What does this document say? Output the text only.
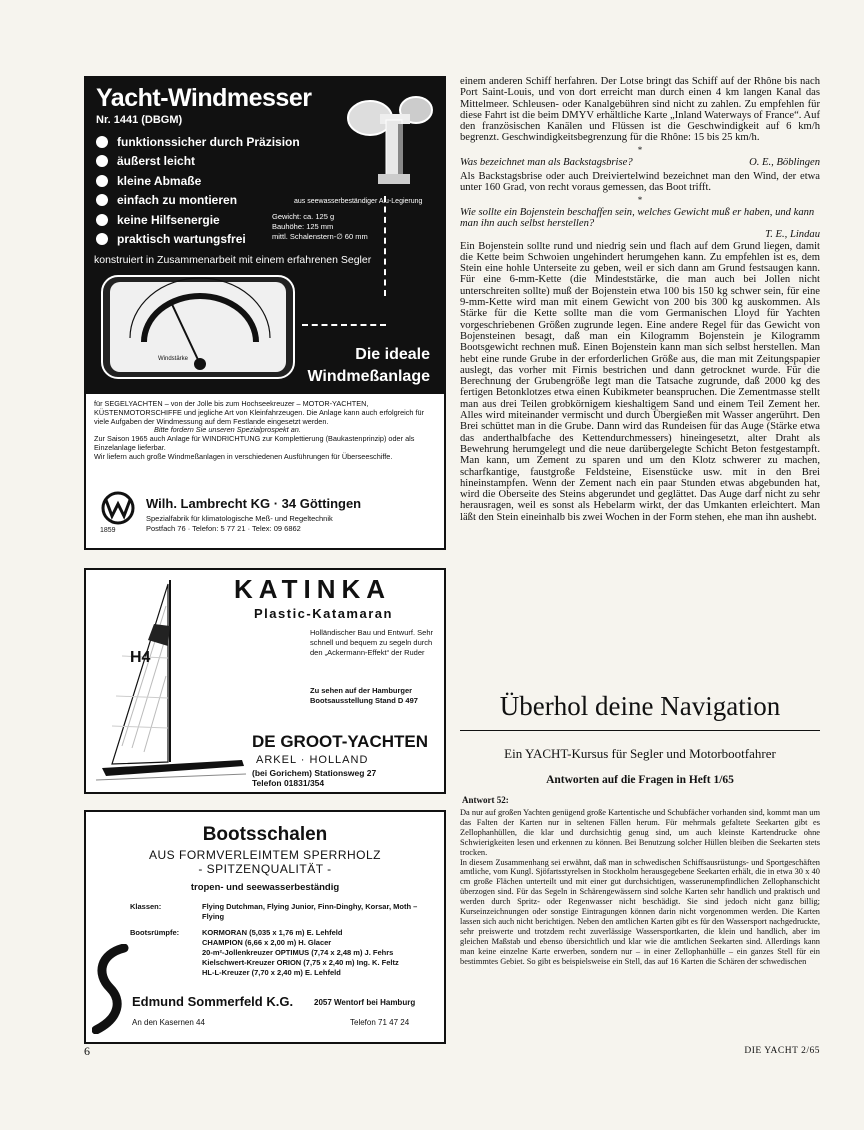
Yacht-Windmesser
Nr. 1441 (DBGM)
funktionssicher durch Präzision
äußerst leicht
kleine Abmaße
einfach zu montieren
keine Hilfsenergie
praktisch wartungsfrei
aus seewasserbeständiger Alu-Legierung
Gewicht: ca. 125 g
Bauhöhe: 125 mm
mittl. Schalenstern-∅ 60 mm
konstruiert in Zusammenarbeit mit einem erfahrenen Segler
Windstärke	Die ideale
Windmeßanlage

für SEGELYACHTEN – von der Jolle bis zum Hochseekreuzer – MOTOR-YACHTEN, KÜSTENMOTORSCHIFFE und jegliche Art von Kleinfahrzeugen. Die Anlage kann auch erfolgreich für viele Aufgaben der Windmessung auf dem Festlande eingesetzt werden.

Bitte fordern Sie unseren Spezialprospekt an.

Zur Saison 1965 auch Anlage für WINDRICHTUNG zur Komplettierung (Baukastenprinzip) oder als Einzelanlage lieferbar.

Wir liefern auch große Windmeßanlagen in verschiedenen Ausführungen für Überseeschiffe.

1859
Wilh. Lambrecht KG · 34 Göttingen
Spezialfabrik für klimatologische Meß- und Regeltechnik
Postfach 76 · Telefon: 5 77 21 · Telex: 09 6862
H4
KATINKA
Plastic-Katamaran
Holländischer Bau und Entwurf. Sehr schnell und bequem zu segeln durch den „Ackermann-Effekt“ der Ruder
Zu sehen auf der Hamburger Bootsausstellung Stand D 497
DE GROOT-YACHTEN
ARKEL · HOLLAND
(bei Gorichem) Stationsweg 27
Telefon 01831/354
Bootsschalen
AUS FORMVERLEIMTEM SPERRHOLZ
- SPITZENQUALITÄT -
tropen- und seewasserbeständig
Klassen:	Flying Dutchman, Flying Junior, Finn-Dinghy, Korsar, Moth – Flying
Bootsrümpfe:	KORMORAN (5,035 x 1,76 m) E. Lehfeld
CHAMPION (6,66 x 2,00 m) H. Glacer
20-m²-Jollenkreuzer OPTIMUS (7,74 x 2,48 m) J. Fehrs
Kielschwert-Kreuzer ORION (7,75 x 2,40 m) Ing. K. Feltz
HL-L-Kreuzer (7,70 x 2,40 m) E. Lehfeld
Edmund Sommerfeld K.G.	2057 Wentorf bei Hamburg
An den Kasernen 44	Telefon 71 47 24

einem anderen Schiff herfahren. Der Lotse bringt das Schiff auf der Rhône bis nach Port Saint-Louis, und von dort erreicht man durch einen 4 km langen Kanal das Mittelmeer. Schleusen- oder Kanalgebühren sind nicht zu zahlen. Zu empfehlen für diese Fahrt ist die beim DMYV erhältliche Karte „Inland Waterways of France“. Auf den französischen Kanälen und Flüssen ist die Geschwindigkeit auf 6 km/h begrenzt. Geschwindigkeitsbegrenzung für die Rhône: 15 bis 25 km/h.

*
Was bezeichnet man als Backstagsbrise?	O. E., Böblingen

Als Backstagsbrise oder auch Dreiviertelwind bezeichnet man den Wind, der etwa unter 160 Grad, von recht voraus gemessen, das Boot trifft.

*

Wie sollte ein Bojenstein beschaffen sein, welches Gewicht muß er haben, und kann man ihn auch selbst herstellen?

T. E., Lindau

Ein Bojenstein sollte rund und niedrig sein und flach auf dem Grund liegen, damit die Kette beim Schwoien ungehindert herumgehen kann. Zu empfehlen ist es, dem Stein eine hohle Unterseite zu geben, weil er sich dann am Grund festsaugen kann. Für eine 6-mm-Kette (die Mindeststärke, die man auch bei Jollen nicht unterschreiten sollte) muß der Bojenstein etwa 100 bis 150 kg schwer sein, für eine 9-mm-Kette wird man mit einem Gewicht von 200 bis 300 kg auskommen. Als Stärke für die Kette sollte man die vom Germanischen Lloyd für Yachten vorgeschriebenen Größen zugrunde legen. Eine andere Regel für das Gewicht von Bojensteinen besagt, daß man ein Kilogramm Bojenstein je Kilogramm Bootsgewicht rechnen muß. Einen Bojenstein kann man sich selbst herstellen. Man hebt eine runde Grube in der erforderlichen Größe aus, die man mit Zeitungspapier auslegt, das vorher mit Firnis bestrichen und dann getrocknet wurde. Für die Berechnung der Grubengröße legt man die Tatsache zugrunde, daß 2000 kg des fertigen Betonklotzes etwa einen Kubikmeter beanspruchen. Die Zementmasse stellt man aus drei Teilen grobkörnigem kieshaltigem Sand und einem Teil Zement her. Alles wird miteinander vermischt und durch Übergießen mit Wasser angerührt. Den Brei schüttet man in die Grube. Dann wird das Rundeisen für das Auge (Stärke etwa das anderthalbfache des Kettendurchmessers) hineingesetzt, alter Draht als Bewehrung herumgelegt und die neue darübergelegte Schicht Beton festgestampft. Man kann, um Zement zu sparen und um den Klotz schwerer zu machen, scharfkantige, faustgroße Feldsteine, Eisenstücke usw. mit in den Brei hineinstampfen. Wenn der Zement nach ein paar Stunden etwas abgebunden hat, wird die Oberseite des Steins abgerundet und geglättet. Das Auge darf nicht zu sehr herausragen, weil es sonst als Hebelarm wirkt, der das Umkanten erleichtert. Man läßt den Stein eineinhalb bis zwei Wochen in der Form stehen, ehe man ihn aushebt.

Überhol deine Navigation
Ein YACHT-Kursus für Segler und Motorbootfahrer
Antworten auf die Fragen in Heft 1/65
Antwort 52:

Da nur auf großen Yachten genügend große Kartentische und Schubfächer vorhanden sind, kommt man um das Falten der Karten nur in seltenen Fällen herum. Für mehrmals gefaltete Seekarten gibt es Zellophanhüllen, die klar und durchsichtig genug sind, um auch kleinste Kartendrucke ohne Schwierigkeiten lesen und erkennen zu können. Bei Benutzung solcher Hüllen bleiben die Seekarten stets trocken.

In diesem Zusammenhang sei erwähnt, daß man in schwedischen Schiffsausrüstungs- und Sportgeschäften amtliche, vom Kungl. Sjöfartsstyrelsen in Stockholm herausgegebene Seekarten erhält, die in etwa 30 x 40 cm große Flächen unterteilt und mit einer gut durchsichtigen, wasserunempfindlichen Zellophanschicht überzogen sind. Für das Segeln in Schärengewässern sind solche Karten sehr handlich und praktisch und werden durch Spritz- oder Regenwasser nicht beschädigt. Sie sind jedoch nicht ganz billig; Kurseinzeichnungen oder sonstige Eintragungen können darin nicht vorgenommen werden. Die Karten lassen sich auch nicht berichtigen. Neben den amtlichen Karten gibt es für den Wassersport nachgedruckte, sehr preiswerte und trotzdem recht zuverlässige Wassersportkarten, die klein und handlich, aber im gleichen Maßstab und ebenso übersichtlich und klar wie die amtlichen Seekarten sind. Allerdings kann man keine einzelne Karte erwerben, sondern nur – in einer Zellophanhülle – ein ganzes Stell für ein bestimmtes Gebiet. So gibt es beispielsweise ein Stell, das auf 16 Karten die Schären der schwedischen

6	DIE YACHT 2/65
